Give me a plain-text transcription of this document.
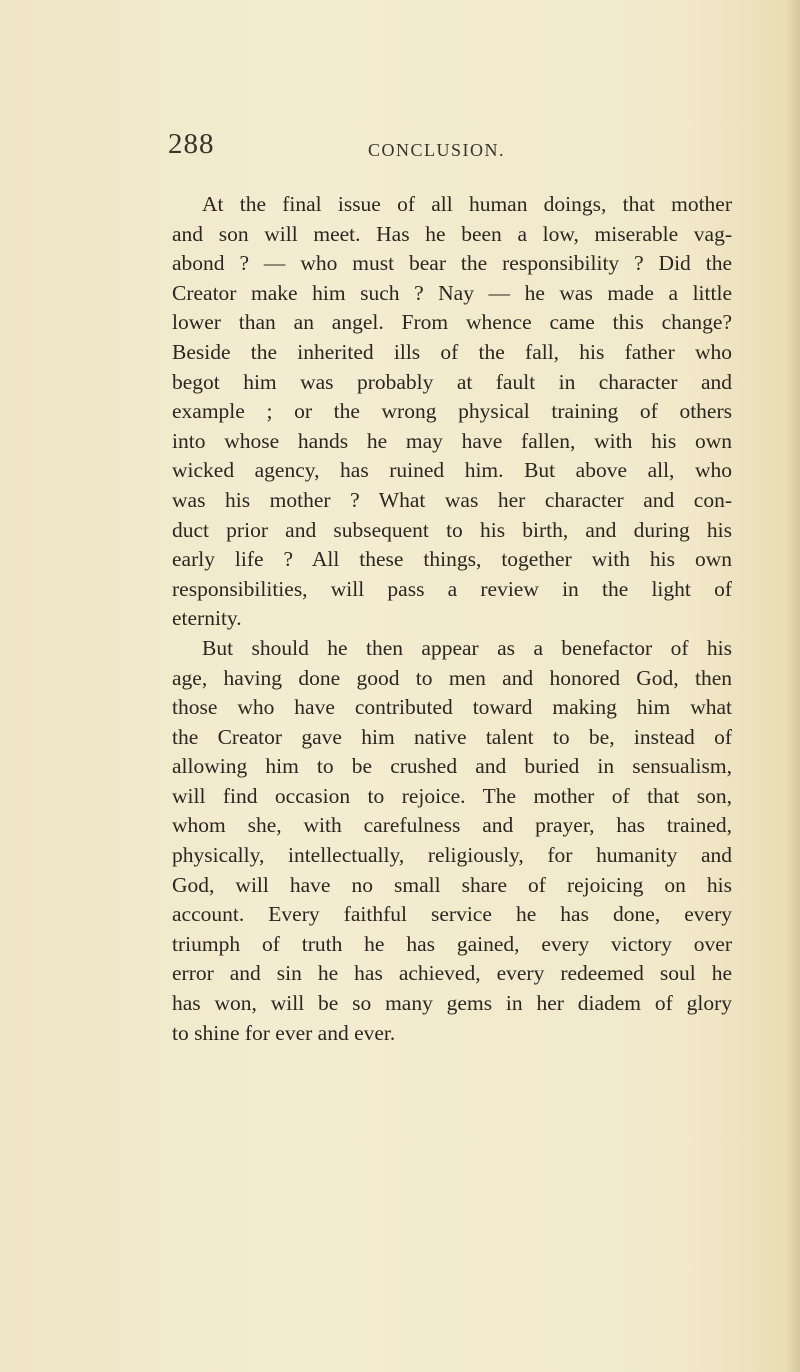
288	CONCLUSION.
At the final issue of all human doings, that mother
and son will meet. Has he been a low, miserable vag-
abond ? — who must bear the responsibility ? Did the
Creator make him such ? Nay — he was made a little
lower than an angel. From whence came this change?
Beside the inherited ills of the fall, his father who
begot him was probably at fault in character and
example ; or the wrong physical training of others
into whose hands he may have fallen, with his own
wicked agency, has ruined him. But above all, who
was his mother ? What was her character and con-
duct prior and subsequent to his birth, and during his
early life ? All these things, together with his own
responsibilities, will pass a review in the light of
eternity.
But should he then appear as a benefactor of his
age, having done good to men and honored God, then
those who have contributed toward making him what
the Creator gave him native talent to be, instead of
allowing him to be crushed and buried in sensualism,
will find occasion to rejoice. The mother of that son,
whom she, with carefulness and prayer, has trained,
physically, intellectually, religiously, for humanity and
God, will have no small share of rejoicing on his
account. Every faithful service he has done, every
triumph of truth he has gained, every victory over
error and sin he has achieved, every redeemed soul he
has won, will be so many gems in her diadem of glory
to shine for ever and ever.
